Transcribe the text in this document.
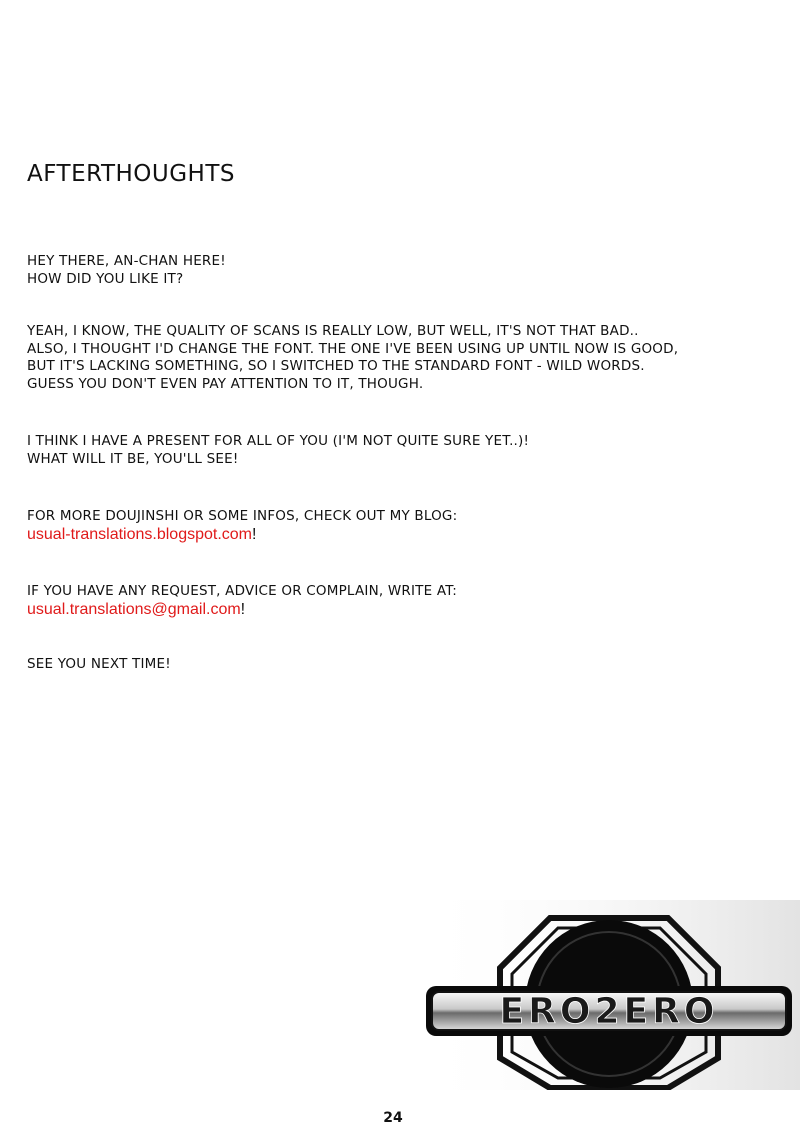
AFTERTHOUGHTS

HEY THERE, AN-CHAN HERE!
HOW DID YOU LIKE IT?

YEAH, I KNOW, THE QUALITY OF SCANS IS REALLY LOW, BUT WELL, IT'S NOT THAT BAD..
ALSO, I THOUGHT I'D CHANGE THE FONT. THE ONE I'VE BEEN USING UP UNTIL NOW IS GOOD,
BUT IT'S LACKING SOMETHING, SO I SWITCHED TO THE STANDARD FONT - WILD WORDS.
GUESS YOU DON'T EVEN PAY ATTENTION TO IT, THOUGH.

I THINK I HAVE A PRESENT FOR ALL OF YOU (I'M NOT QUITE SURE YET..)!
WHAT WILL IT BE, YOU'LL SEE!

FOR MORE DOUJINSHI OR SOME INFOS, CHECK OUT MY BLOG:
usual-translations.blogspot.com!

IF YOU HAVE ANY REQUEST, ADVICE OR COMPLAIN, WRITE AT:
usual.translations@gmail.com!

SEE YOU NEXT TIME!

ERO2ERO
24
